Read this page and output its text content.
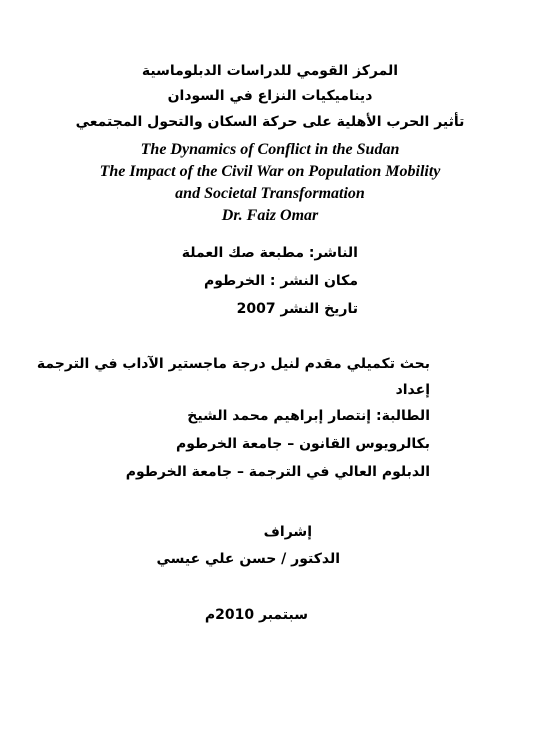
المركز القومي للدراسات الدبلوماسية
ديناميكيات النزاع في السودان
تأثير الحرب الأهلية على حركة السكان والتحول المجتمعي
The Dynamics of Conflict in the Sudan
The Impact of the Civil War on Population Mobility
and Societal Transformation
Dr. Faiz Omar
الناشر: مطبعة صك العملة
مكان النشر : الخرطوم
تاريخ النشر 2007
بحث تكميلي مقدم لنيل درجة ماجستير الآداب في الترجمة
إعداد
الطالبة: إنتصار إبراهيم محمد الشيخ
بكالرويوس القانون – جامعة الخرطوم
الدبلوم العالي في الترجمة – جامعة الخرطوم
إشراف
الدكتور / حسن علي عيسي
سبتمبر 2010م
